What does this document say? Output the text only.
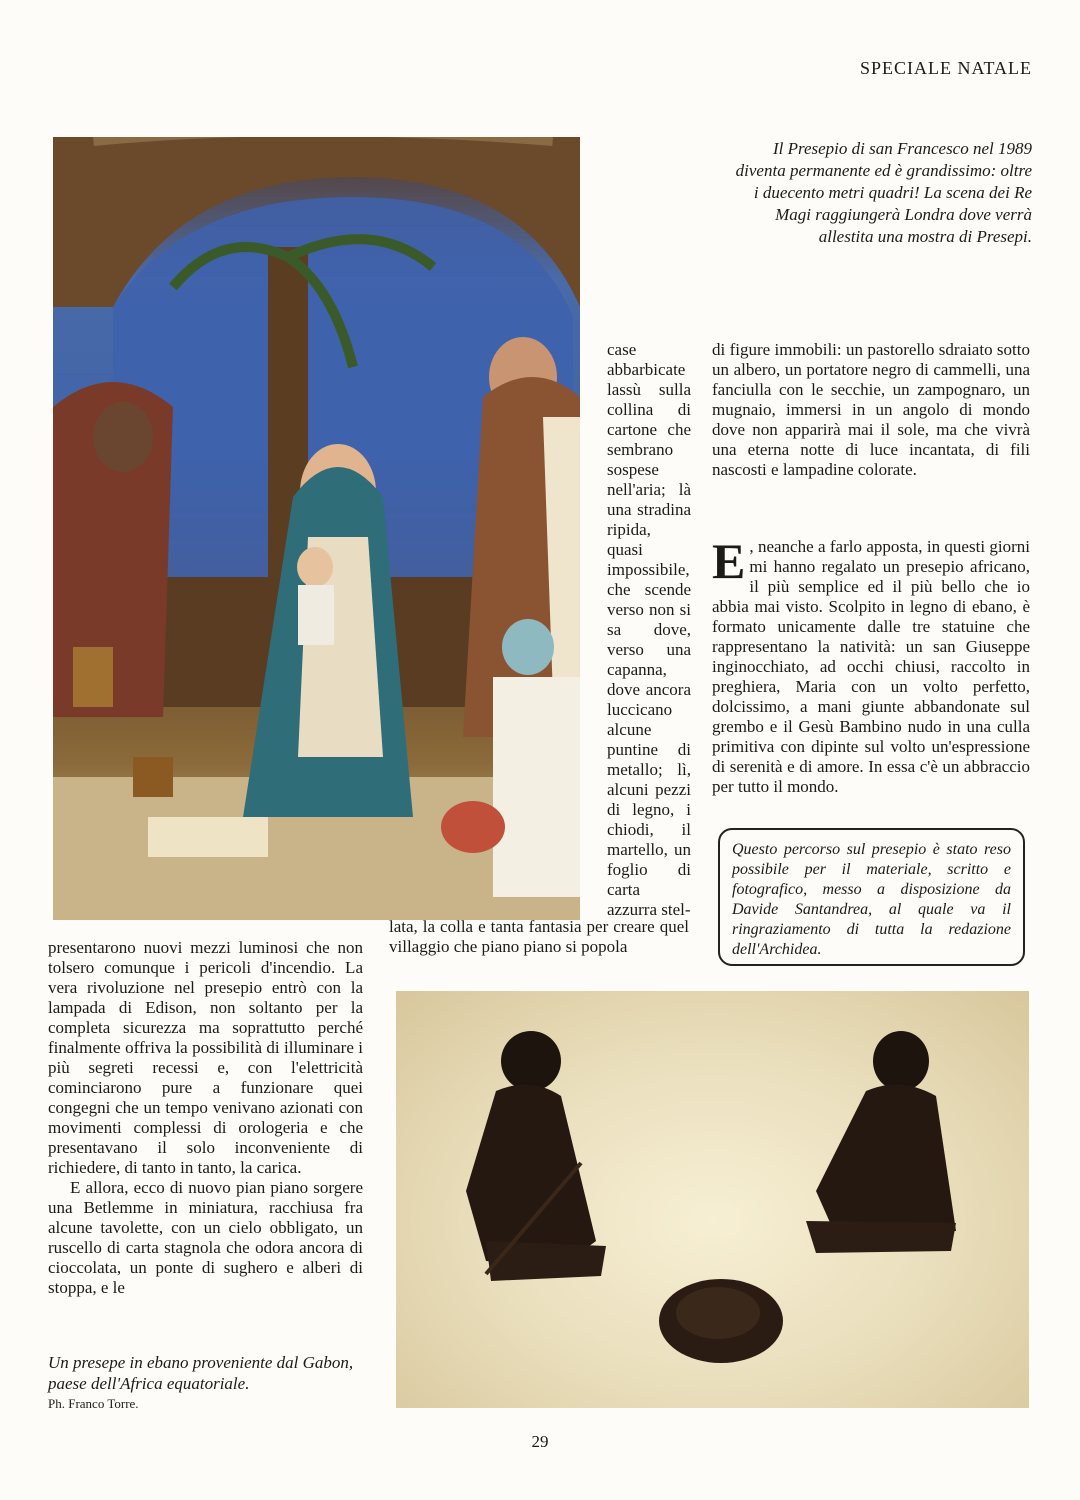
SPECIALE NATALE
Il Presepio di san Francesco nel 1989 diventa permanente ed è grandissimo: oltre i duecento metri quadri! La scena dei Re Magi raggiungerà Londra dove verrà allestita una mostra di Presepi.

case abbarbicate lassù sulla collina di cartone che sembrano sospese nell'aria; là una stradina ripida, quasi impossibile, che scende verso non si sa dove, verso una capanna, dove ancora luccicano alcune puntine di metallo; lì, alcuni pezzi di legno, i chiodi, il martello, un foglio di carta azzurra stel-

di figure immobili: un pastorello sdraiato sotto un albero, un portatore negro di cammelli, una fanciulla con le secchie, un zampognaro, un mugnaio, immersi in un angolo di mondo dove non apparirà mai il sole, ma che vivrà una eterna notte di luce incantata, di fili nascosti e lampadine colorate.

E , neanche a farlo apposta, in questi giorni mi hanno regalato un presepio africano, il più semplice ed il più bello che io abbia mai visto. Scolpito in legno di ebano, è formato unicamente dalle tre statuine che rappresentano la natività: un san Giuseppe inginocchiato, ad occhi chiusi, raccolto in preghiera, Maria con un volto perfetto, dolcissimo, a mani giunte abbandonate sul grembo e il Gesù Bambino nudo in una culla primitiva con dipinte sul volto un'espressione di serenità e di amore. In essa c'è un abbraccio per tutto il mondo.

Questo percorso sul presepio è stato reso possibile per il materiale, scritto e fotografico, messo a disposizione da Davide Santandrea, al quale va il ringraziamento di tutta la redazione dell'Archidea.

lata, la colla e tanta fantasia per creare quel villaggio che piano piano si popola

presentarono nuovi mezzi luminosi che non tolsero comunque i pericoli d'incendio. La vera rivoluzione nel presepio entrò con la lampada di Edison, non soltanto per la completa sicurezza ma soprattutto perché finalmente offriva la possibilità di illuminare i più segreti recessi e, con l'elettricità cominciarono pure a funzionare quei congegni che un tempo venivano azionati con movimenti complessi di orologeria e che presentavano il solo inconveniente di richiedere, di tanto in tanto, la carica.

E allora, ecco di nuovo pian piano sorgere una Betlemme in miniatura, racchiusa fra alcune tavolette, con un cielo obbligato, un ruscello di carta stagnola che odora ancora di cioccolata, un ponte di sughero e alberi di stoppa, e le

Un presepe in ebano proveniente dal Gabon, paese dell'Africa equatoriale.
Ph. Franco Torre.
29
